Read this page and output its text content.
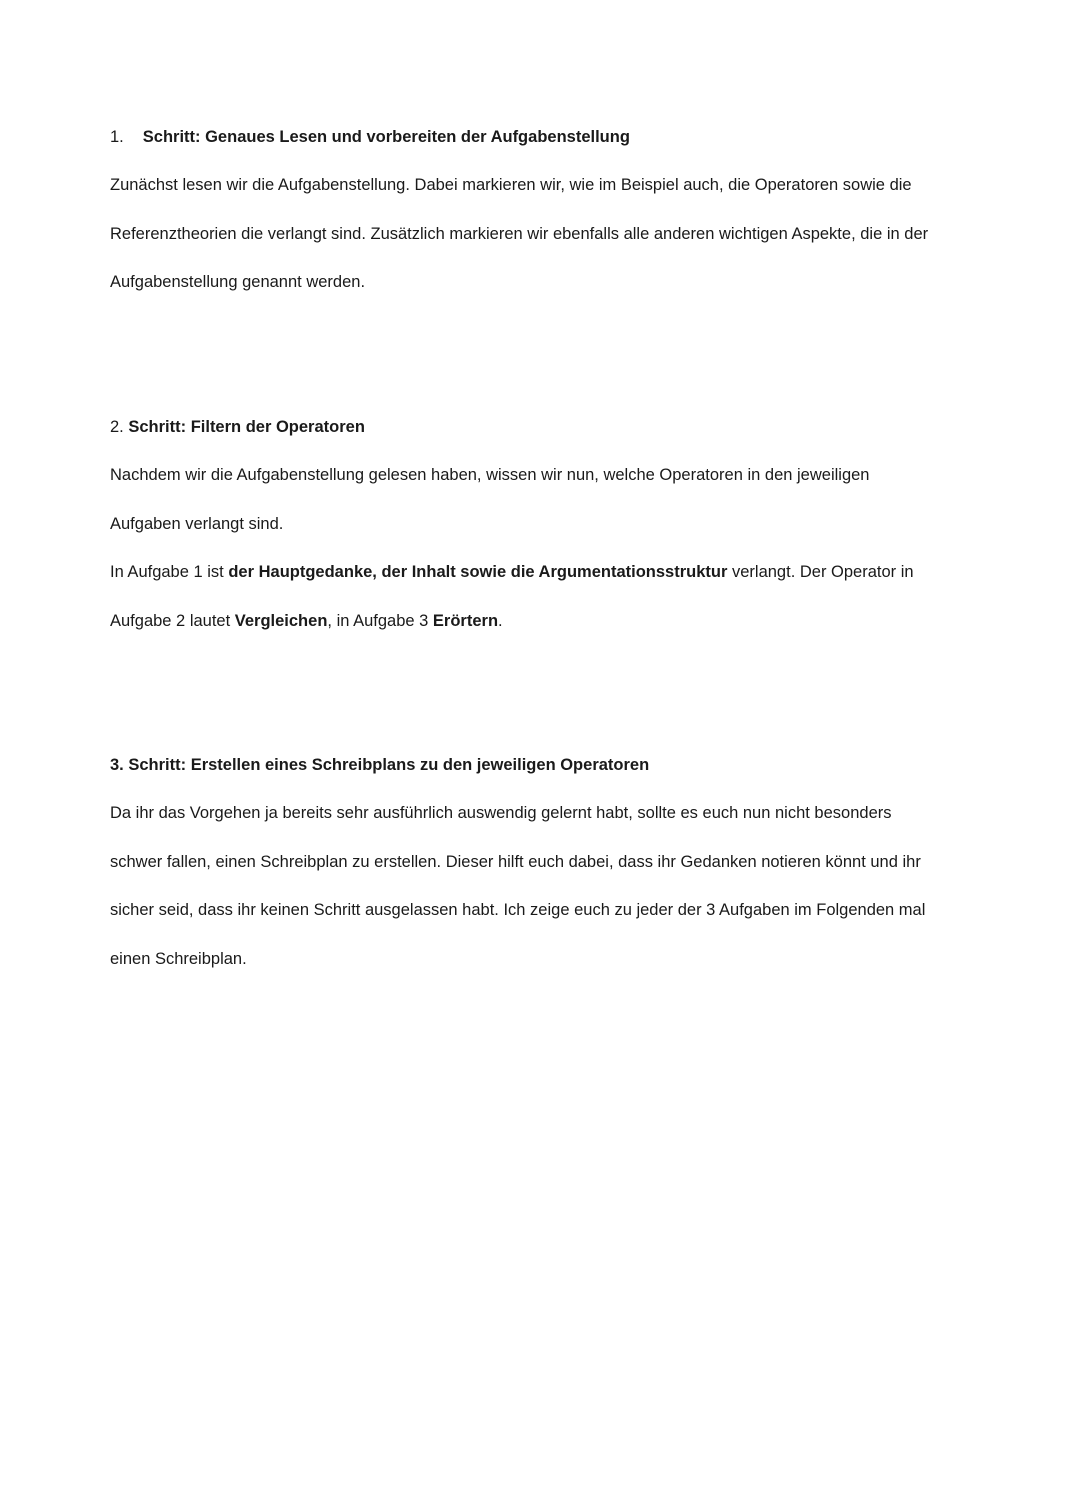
1. Schritt: Genaues Lesen und vorbereiten der Aufgabenstellung

Zunächst lesen wir die Aufgabenstellung. Dabei markieren wir, wie im Beispiel auch, die Operatoren sowie die

Referenztheorien die verlangt sind. Zusätzlich markieren wir ebenfalls alle anderen wichtigen Aspekte, die in der

Aufgabenstellung genannt werden.

2. Schritt: Filtern der Operatoren

Nachdem wir die Aufgabenstellung gelesen haben, wissen wir nun, welche Operatoren in den jeweiligen

Aufgaben verlangt sind.

In Aufgabe 1 ist der Hauptgedanke, der Inhalt sowie die Argumentationsstruktur verlangt. Der Operator in

Aufgabe 2 lautet Vergleichen, in Aufgabe 3 Erörtern.

3. Schritt: Erstellen eines Schreibplans zu den jeweiligen Operatoren

Da ihr das Vorgehen ja bereits sehr ausführlich auswendig gelernt habt, sollte es euch nun nicht besonders

schwer fallen, einen Schreibplan zu erstellen. Dieser hilft euch dabei, dass ihr Gedanken notieren könnt und ihr

sicher seid, dass ihr keinen Schritt ausgelassen habt. Ich zeige euch zu jeder der 3 Aufgaben im Folgenden mal

einen Schreibplan.
